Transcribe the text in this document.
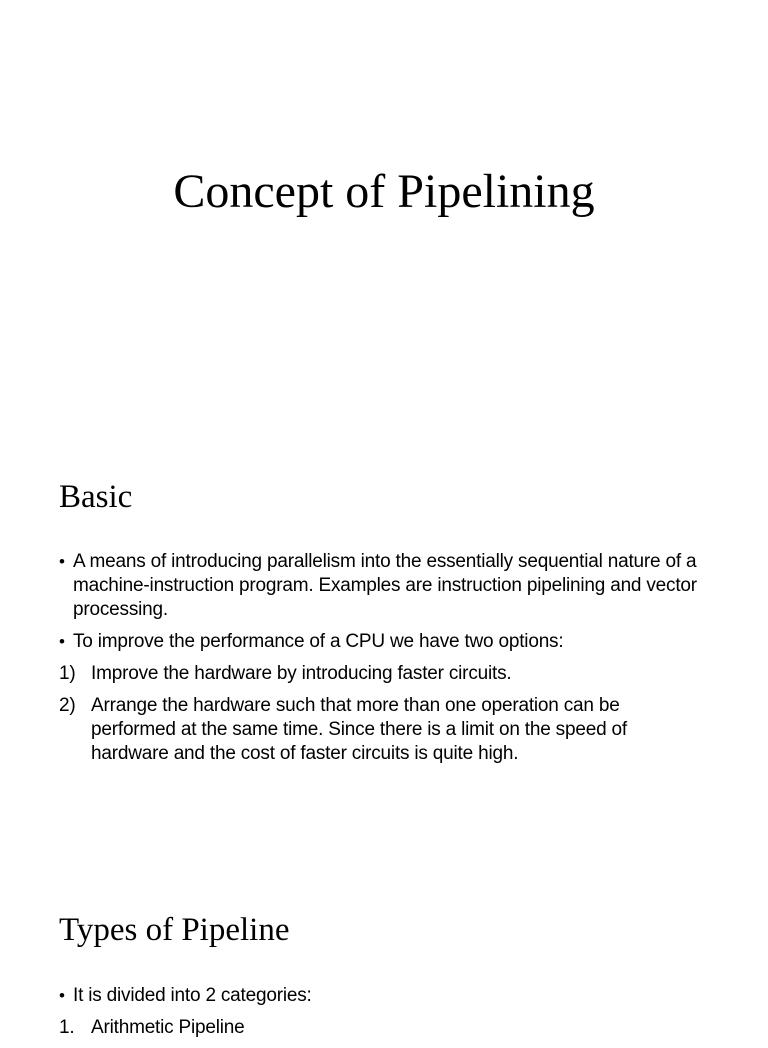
Concept of Pipelining
Basic
• A means of introducing parallelism into the essentially sequential nature of a machine-instruction program. Examples are instruction pipelining and vector processing.
• To improve the performance of a CPU we have two options:
1) Improve the hardware by introducing faster circuits.
2) Arrange the hardware such that more than one operation can be performed at the same time. Since there is a limit on the speed of hardware and the cost of faster circuits is quite high.
Types of Pipeline
• It is divided into 2 categories:
1. Arithmetic Pipeline
